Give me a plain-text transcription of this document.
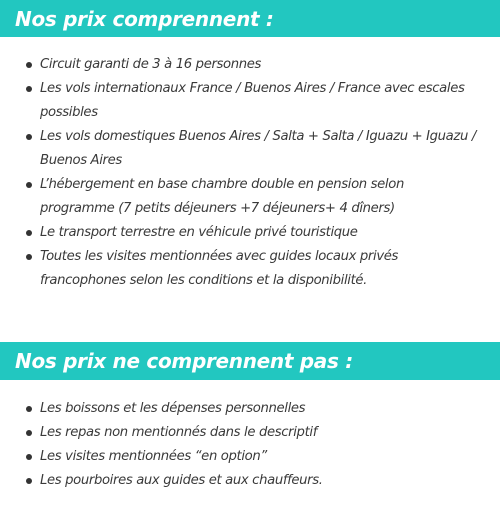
Nos prix comprennent :
Circuit garanti de 3 à 16 personnes
Les vols internationaux France / Buenos Aires / France avec escales possibles
Les vols domestiques Buenos Aires / Salta + Salta / Iguazu + Iguazu / Buenos Aires
L’hébergement en base chambre double en pension selon programme (7 petits déjeuners +7 déjeuners+ 4 dîners)
Le transport terrestre en véhicule privé touristique
Toutes les visites mentionnées avec guides locaux privés francophones selon les conditions et la disponibilité.
Nos prix ne comprennent pas :
Les boissons et les dépenses personnelles
Les repas non mentionnés dans le descriptif
Les visites mentionnées “en option”
Les pourboires aux guides et aux chauffeurs.
